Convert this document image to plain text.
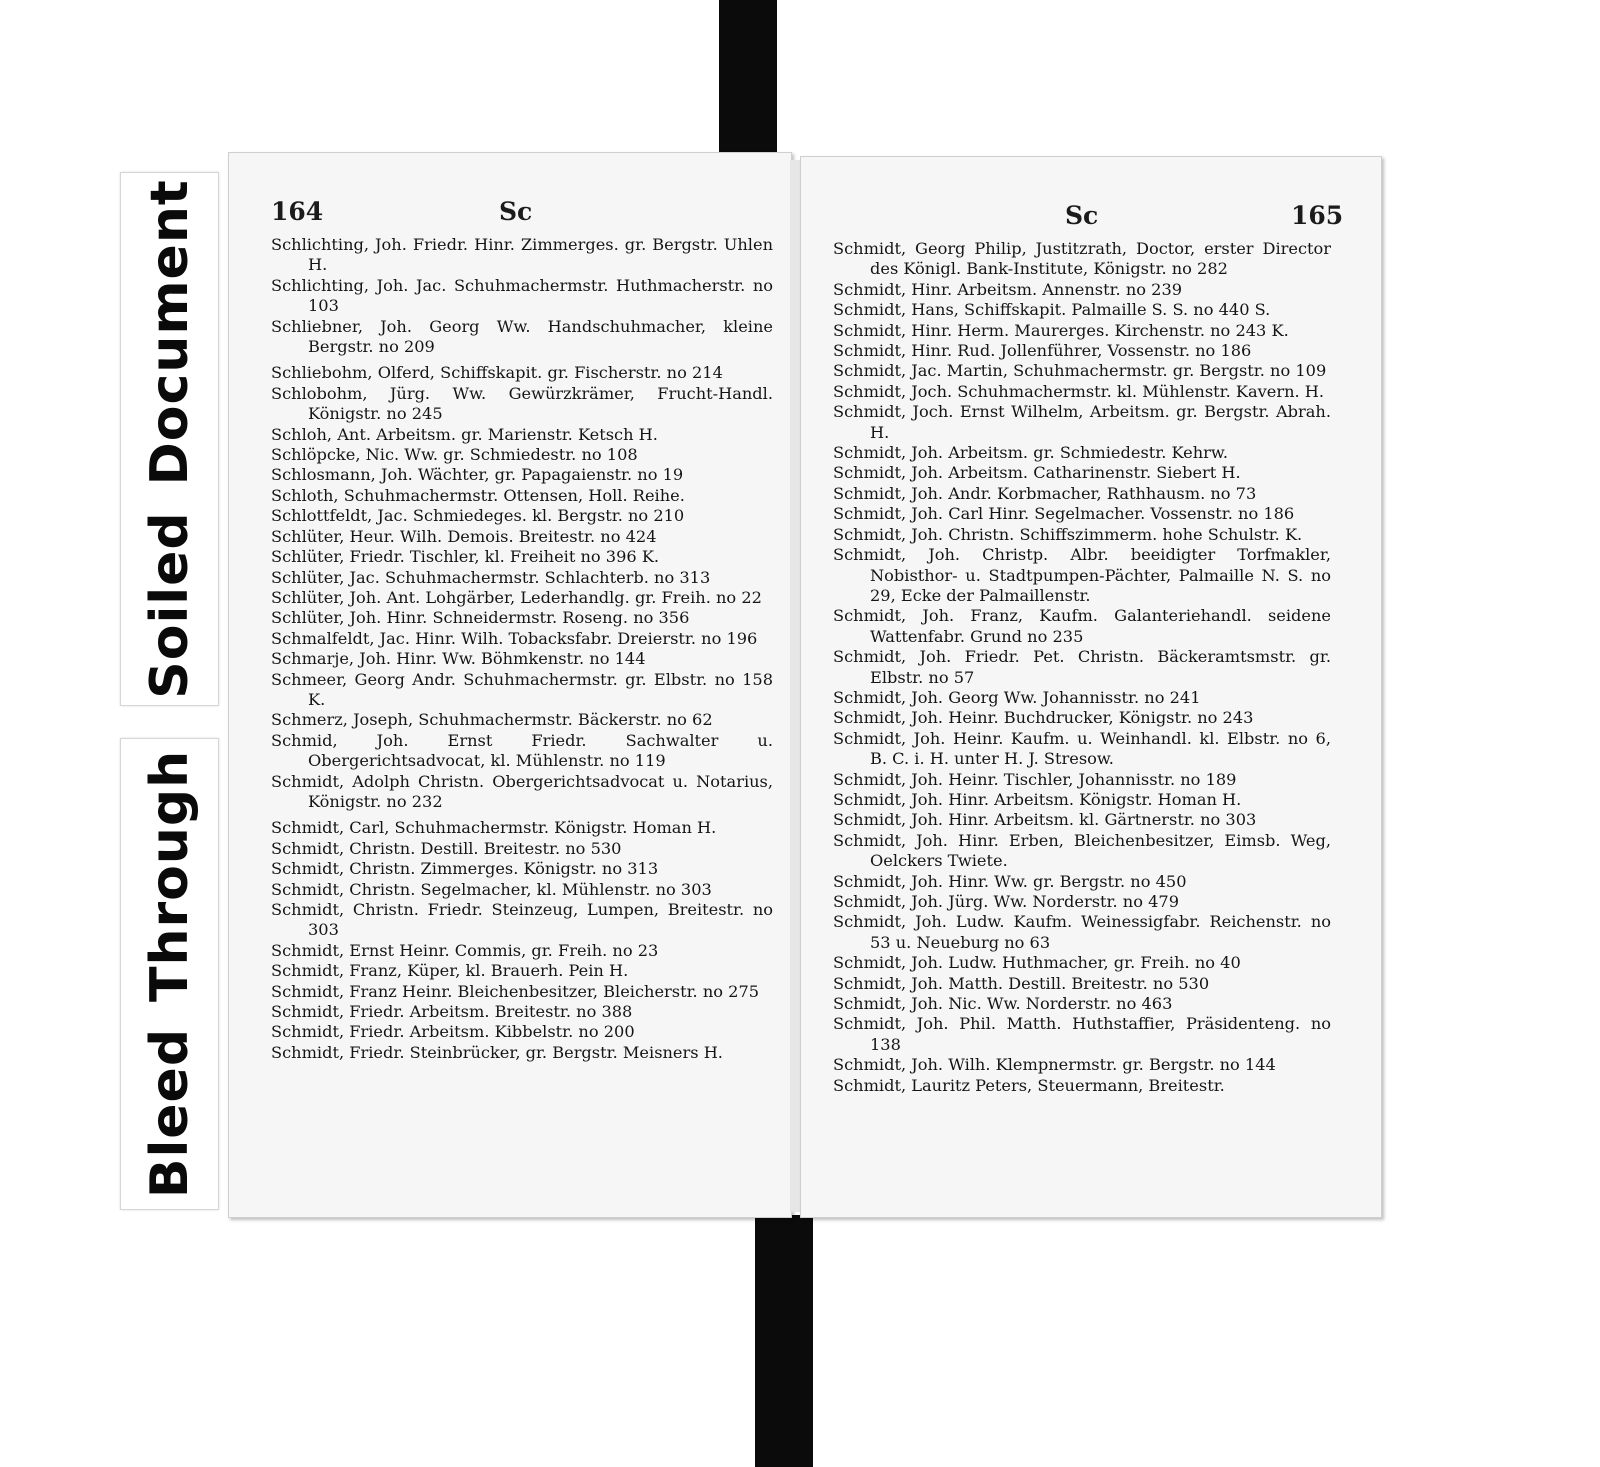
SoiledDocument
BleedThrough
164	Sc
Schlichting, Joh. Friedr. Hinr. Zimmerges. gr. Bergstr. Uhlen H.
Schlichting, Joh. Jac. Schuhmachermstr. Huthmacherstr. no 103
Schliebner, Joh. Georg Ww. Handschuhmacher, kleine Bergstr. no 209
Schliebohm, Olferd, Schiffskapit. gr. Fischerstr. no 214
Schlobohm, Jürg. Ww. Gewürzkrämer, Frucht-Handl. Königstr. no 245
Schloh, Ant. Arbeitsm. gr. Marienstr. Ketsch H.
Schlöpcke, Nic. Ww. gr. Schmiedestr. no 108
Schlosmann, Joh. Wächter, gr. Papagaienstr. no 19
Schloth, Schuhmachermstr. Ottensen, Holl. Reihe.
Schlottfeldt, Jac. Schmiedeges. kl. Bergstr. no 210
Schlüter, Heur. Wilh. Demois. Breitestr. no 424
Schlüter, Friedr. Tischler, kl. Freiheit no 396 K.
Schlüter, Jac. Schuhmachermstr. Schlachterb. no 313
Schlüter, Joh. Ant. Lohgärber, Lederhandlg. gr. Freih. no 22
Schlüter, Joh. Hinr. Schneidermstr. Roseng. no 356
Schmalfeldt, Jac. Hinr. Wilh. Tobacksfabr. Dreierstr. no 196
Schmarje, Joh. Hinr. Ww. Böhmkenstr. no 144
Schmeer, Georg Andr. Schuhmachermstr. gr. Elbstr. no 158 K.
Schmerz, Joseph, Schuhmachermstr. Bäckerstr. no 62
Schmid, Joh. Ernst Friedr. Sachwalter u. Obergerichtsadvocat, kl. Mühlenstr. no 119
Schmidt, Adolph Christn. Obergerichtsadvocat u. Notarius, Königstr. no 232
Schmidt, Carl, Schuhmachermstr. Königstr. Homan H.
Schmidt, Christn. Destill. Breitestr. no 530
Schmidt, Christn. Zimmerges. Königstr. no 313
Schmidt, Christn. Segelmacher, kl. Mühlenstr. no 303
Schmidt, Christn. Friedr. Steinzeug, Lumpen, Breitestr. no 303
Schmidt, Ernst Heinr. Commis, gr. Freih. no 23
Schmidt, Franz, Küper, kl. Brauerh. Pein H.
Schmidt, Franz Heinr. Bleichenbesitzer, Bleicherstr. no 275
Schmidt, Friedr. Arbeitsm. Breitestr. no 388
Schmidt, Friedr. Arbeitsm. Kibbelstr. no 200
Schmidt, Friedr. Steinbrücker, gr. Bergstr. Meisners H.
Sc	165
Schmidt, Georg Philip, Justitzrath, Doctor, erster Director des Königl. Bank-Institute, Königstr. no 282
Schmidt, Hinr. Arbeitsm. Annenstr. no 239
Schmidt, Hans, Schiffskapit. Palmaille S. S. no 440 S.
Schmidt, Hinr. Herm. Maurerges. Kirchenstr. no 243 K.
Schmidt, Hinr. Rud. Jollenführer, Vossenstr. no 186
Schmidt, Jac. Martin, Schuhmachermstr. gr. Bergstr. no 109
Schmidt, Joch. Schuhmachermstr. kl. Mühlenstr. Kavern. H.
Schmidt, Joch. Ernst Wilhelm, Arbeitsm. gr. Bergstr. Abrah. H.
Schmidt, Joh. Arbeitsm. gr. Schmiedestr. Kehrw.
Schmidt, Joh. Arbeitsm. Catharinenstr. Siebert H.
Schmidt, Joh. Andr. Korbmacher, Rathhausm. no 73
Schmidt, Joh. Carl Hinr. Segelmacher. Vossenstr. no 186
Schmidt, Joh. Christn. Schiffszimmerm. hohe Schulstr. K.
Schmidt, Joh. Christp. Albr. beeidigter Torfmakler, Nobisthor- u. Stadtpumpen-Pächter, Palmaille N. S. no 29, Ecke der Palmaillenstr.
Schmidt, Joh. Franz, Kaufm. Galanteriehandl. seidene Wattenfabr. Grund no 235
Schmidt, Joh. Friedr. Pet. Christn. Bäckeramtsmstr. gr. Elbstr. no 57
Schmidt, Joh. Georg Ww. Johannisstr. no 241
Schmidt, Joh. Heinr. Buchdrucker, Königstr. no 243
Schmidt, Joh. Heinr. Kaufm. u. Weinhandl. kl. Elbstr. no 6, B. C. i. H. unter H. J. Stresow.
Schmidt, Joh. Heinr. Tischler, Johannisstr. no 189
Schmidt, Joh. Hinr. Arbeitsm. Königstr. Homan H.
Schmidt, Joh. Hinr. Arbeitsm. kl. Gärtnerstr. no 303
Schmidt, Joh. Hinr. Erben, Bleichenbesitzer, Eimsb. Weg, Oelckers Twiete.
Schmidt, Joh. Hinr. Ww. gr. Bergstr. no 450
Schmidt, Joh. Jürg. Ww. Norderstr. no 479
Schmidt, Joh. Ludw. Kaufm. Weinessigfabr. Reichenstr. no 53 u. Neueburg no 63
Schmidt, Joh. Ludw. Huthmacher, gr. Freih. no 40
Schmidt, Joh. Matth. Destill. Breitestr. no 530
Schmidt, Joh. Nic. Ww. Norderstr. no 463
Schmidt, Joh. Phil. Matth. Huthstaffier, Präsidenteng. no 138
Schmidt, Joh. Wilh. Klempnermstr. gr. Bergstr. no 144
Schmidt, Lauritz Peters, Steuermann, Breitestr.
